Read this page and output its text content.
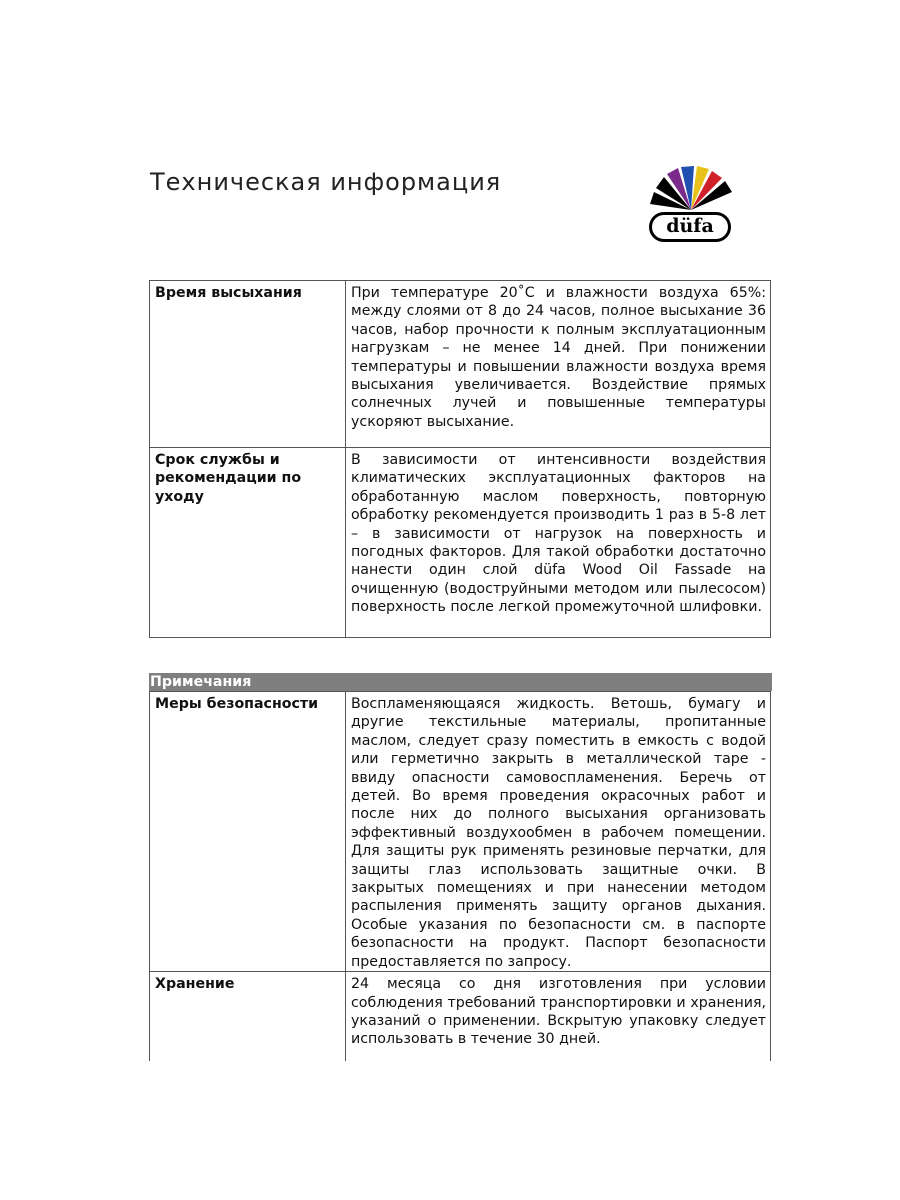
Техническая информация
düfa
Время высыхания	При температуре 20˚С и влажности воздуха 65%: между слоями от 8 до 24 часов, полное высыхание 36 часов, набор прочности к полным эксплуатационным нагрузкам – не менее 14 дней. При понижении температуры и повышении влажности воздуха время высыхания увеличивается. Воздействие прямых солнечных лучей и повышенные температуры ускоряют высыхание.
Срок службы и рекомендации по уходу	В зависимости от интенсивности воздействия климатических эксплуатационных факторов на обработанную маслом поверхность, повторную обработку рекомендуется производить 1 раз в 5-8 лет – в зависимости от нагрузок на поверхность и погодных факторов. Для такой обработки достаточно нанести один слой düfa Wood Oil Fassade на очищенную (водоструйными методом или пылесосом) поверхность после легкой промежуточной шлифовки.
Примечания
Меры безопасности	Воспламеняющаяся жидкость. Ветошь, бумагу и другие текстильные материалы, пропитанные маслом, следует сразу поместить в емкость с водой или герметично закрыть в металлической таре - ввиду опасности самовоспламенения. Беречь от детей. Во время проведения окрасочных работ и после них до полного высыхания организовать эффективный воздухообмен в рабочем помещении. Для защиты рук применять резиновые перчатки, для защиты глаз использовать защитные очки. В закрытых помещениях и при нанесении методом распыления применять защиту органов дыхания. Особые указания по безопасности см. в паспорте безопасности на продукт. Паспорт безопасности предоставляется по запросу.
Хранение	24 месяца со дня изготовления при условии соблюдения требований транспортировки и хранения, указаний о применении. Вскрытую упаковку следует использовать в течение 30 дней.
